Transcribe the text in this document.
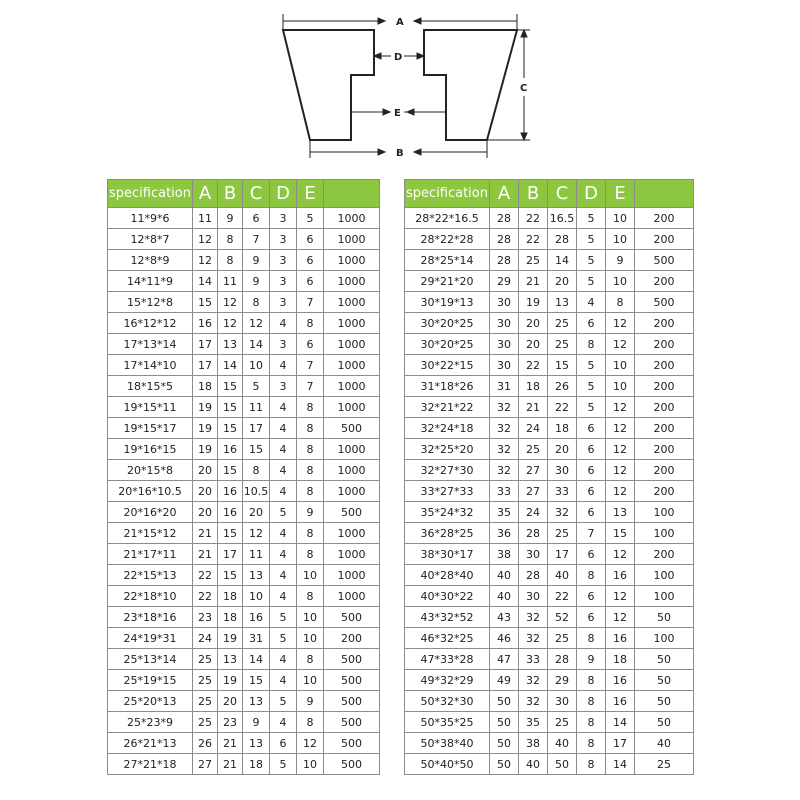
A
D
E
C
B
specification	A	B	C	D	E	
11*9*6	11	9	6	3	5	1000
12*8*7	12	8	7	3	6	1000
12*8*9	12	8	9	3	6	1000
14*11*9	14	11	9	3	6	1000
15*12*8	15	12	8	3	7	1000
16*12*12	16	12	12	4	8	1000
17*13*14	17	13	14	3	6	1000
17*14*10	17	14	10	4	7	1000
18*15*5	18	15	5	3	7	1000
19*15*11	19	15	11	4	8	1000
19*15*17	19	15	17	4	8	500
19*16*15	19	16	15	4	8	1000
20*15*8	20	15	8	4	8	1000
20*16*10.5	20	16	10.5	4	8	1000
20*16*20	20	16	20	5	9	500
21*15*12	21	15	12	4	8	1000
21*17*11	21	17	11	4	8	1000
22*15*13	22	15	13	4	10	1000
22*18*10	22	18	10	4	8	1000
23*18*16	23	18	16	5	10	500
24*19*31	24	19	31	5	10	200
25*13*14	25	13	14	4	8	500
25*19*15	25	19	15	4	10	500
25*20*13	25	20	13	5	9	500
25*23*9	25	23	9	4	8	500
26*21*13	26	21	13	6	12	500
27*21*18	27	21	18	5	10	500
specification	A	B	C	D	E	
28*22*16.5	28	22	16.5	5	10	200
28*22*28	28	22	28	5	10	200
28*25*14	28	25	14	5	9	500
29*21*20	29	21	20	5	10	200
30*19*13	30	19	13	4	8	500
30*20*25	30	20	25	6	12	200
30*20*25	30	20	25	8	12	200
30*22*15	30	22	15	5	10	200
31*18*26	31	18	26	5	10	200
32*21*22	32	21	22	5	12	200
32*24*18	32	24	18	6	12	200
32*25*20	32	25	20	6	12	200
32*27*30	32	27	30	6	12	200
33*27*33	33	27	33	6	12	200
35*24*32	35	24	32	6	13	100
36*28*25	36	28	25	7	15	100
38*30*17	38	30	17	6	12	200
40*28*40	40	28	40	8	16	100
40*30*22	40	30	22	6	12	100
43*32*52	43	32	52	6	12	50
46*32*25	46	32	25	8	16	100
47*33*28	47	33	28	9	18	50
49*32*29	49	32	29	8	16	50
50*32*30	50	32	30	8	16	50
50*35*25	50	35	25	8	14	50
50*38*40	50	38	40	8	17	40
50*40*50	50	40	50	8	14	25
